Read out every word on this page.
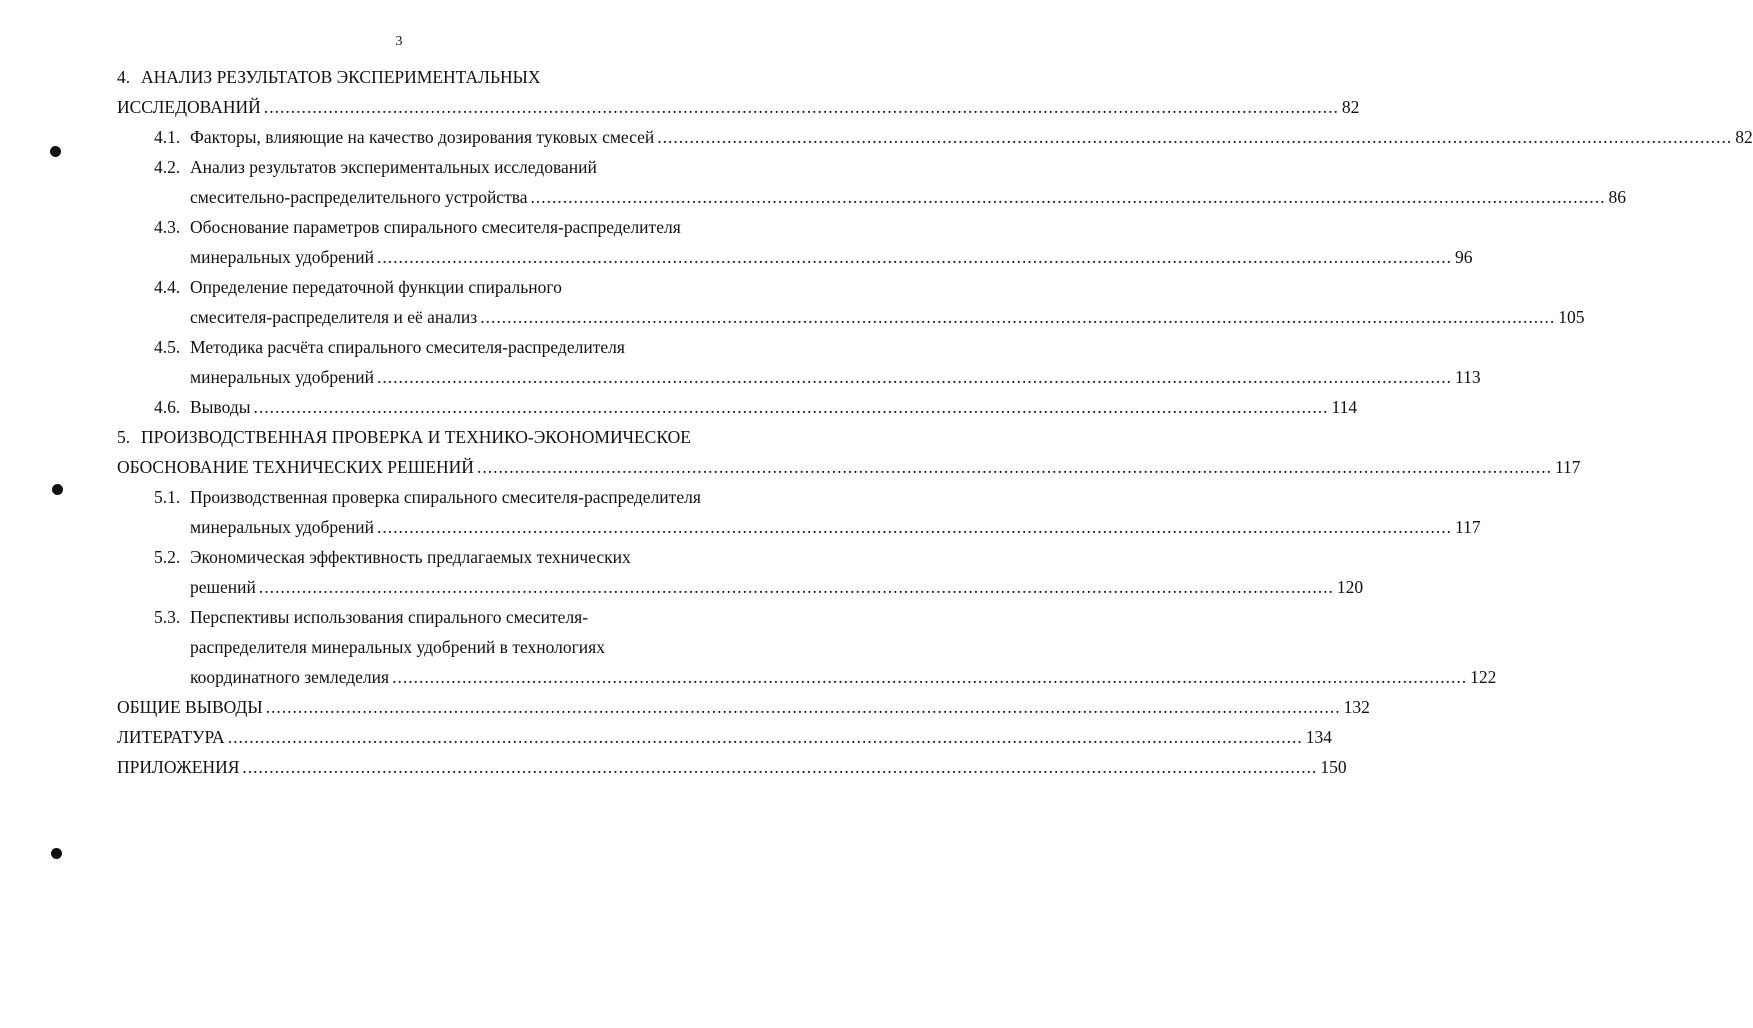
3
4. АНАЛИЗ РЕЗУЛЬТАТОВ ЭКСПЕРИМЕНТАЛЬНЫХ
ИССЛЕДОВАНИЙ ........................................................................................................................................................................................................ 82
4.1. Факторы, влияющие на качество дозирования туковых смесей ........................................................................................................................................................................................................ 82
4.2. Анализ результатов экспериментальных исследований
смесительно-распределительного устройства ........................................................................................................................................................................................................ 86
4.3. Обоснование параметров спирального смесителя-распределителя
минеральных удобрений ........................................................................................................................................................................................................ 96
4.4. Определение передаточной функции спирального
смесителя-распределителя и её анализ ........................................................................................................................................................................................................ 105
4.5. Методика расчёта спирального смесителя-распределителя
минеральных удобрений ........................................................................................................................................................................................................ 113
4.6. Выводы ........................................................................................................................................................................................................ 114
5. ПРОИЗВОДСТВЕННАЯ ПРОВЕРКА И ТЕХНИКО-ЭКОНОМИЧЕСКОЕ
ОБОСНОВАНИЕ ТЕХНИЧЕСКИХ РЕШЕНИЙ ........................................................................................................................................................................................................ 117
5.1. Производственная проверка спирального смесителя-распределителя
минеральных удобрений ........................................................................................................................................................................................................ 117
5.2. Экономическая эффективность предлагаемых технических
решений ........................................................................................................................................................................................................ 120
5.3. Перспективы использования спирального смесителя-
распределителя минеральных удобрений в технологиях
координатного земледелия ........................................................................................................................................................................................................ 122
ОБЩИЕ ВЫВОДЫ ........................................................................................................................................................................................................ 132
ЛИТЕРАТУРА ........................................................................................................................................................................................................ 134
ПРИЛОЖЕНИЯ ........................................................................................................................................................................................................ 150
